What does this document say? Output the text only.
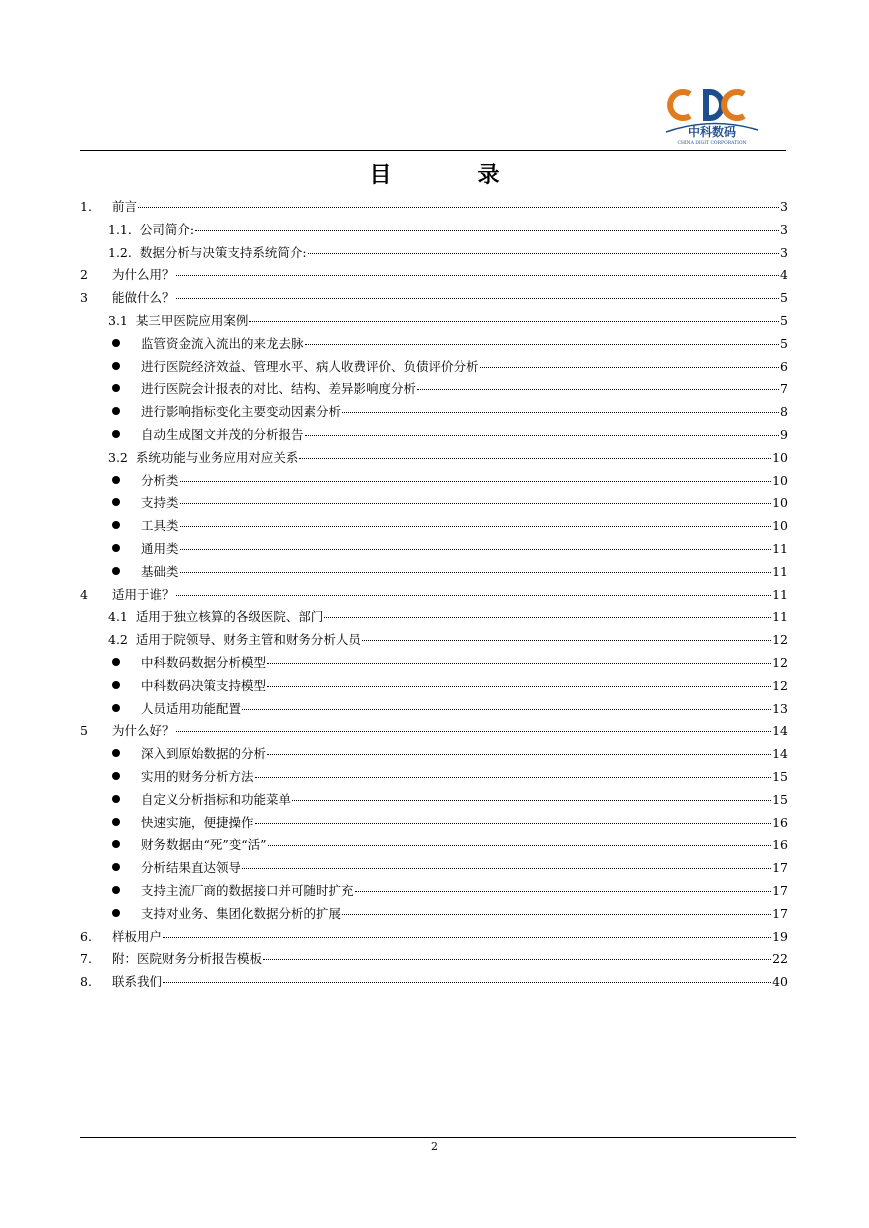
中科数码
CHINA DIGIT CORPORATION
目　录
1.	前言	3
1.1. 公司简介:	3
1.2. 数据分析与决策支持系统简介:	3
2	为什么用？	4
3	能做什么？	5
3.1 某三甲医院应用案例	5
监管资金流入流出的来龙去脉	5
进行医院经济效益、管理水平、病人收费评价、负债评价分析	6
进行医院会计报表的对比、结构、差异影响度分析	7
进行影响指标变化主要变动因素分析	8
自动生成图文并茂的分析报告	9
3.2 系统功能与业务应用对应关系	10
分析类	10
支持类	10
工具类	10
通用类	11
基础类	11
4	适用于谁？	11
4.1 适用于独立核算的各级医院、部门	11
4.2 适用于院领导、财务主管和财务分析人员	12
中科数码数据分析模型	12
中科数码决策支持模型	12
人员适用功能配置	13
5	为什么好？	14
深入到原始数据的分析	14
实用的财务分析方法	15
自定义分析指标和功能菜单	15
快速实施，便捷操作	16
财务数据由“死”变“活”	16
分析结果直达领导	17
支持主流厂商的数据接口并可随时扩充	17
支持对业务、集团化数据分析的扩展	17
6.	样板用户	19
7.	附：医院财务分析报告模板	22
8.	联系我们	40
2
